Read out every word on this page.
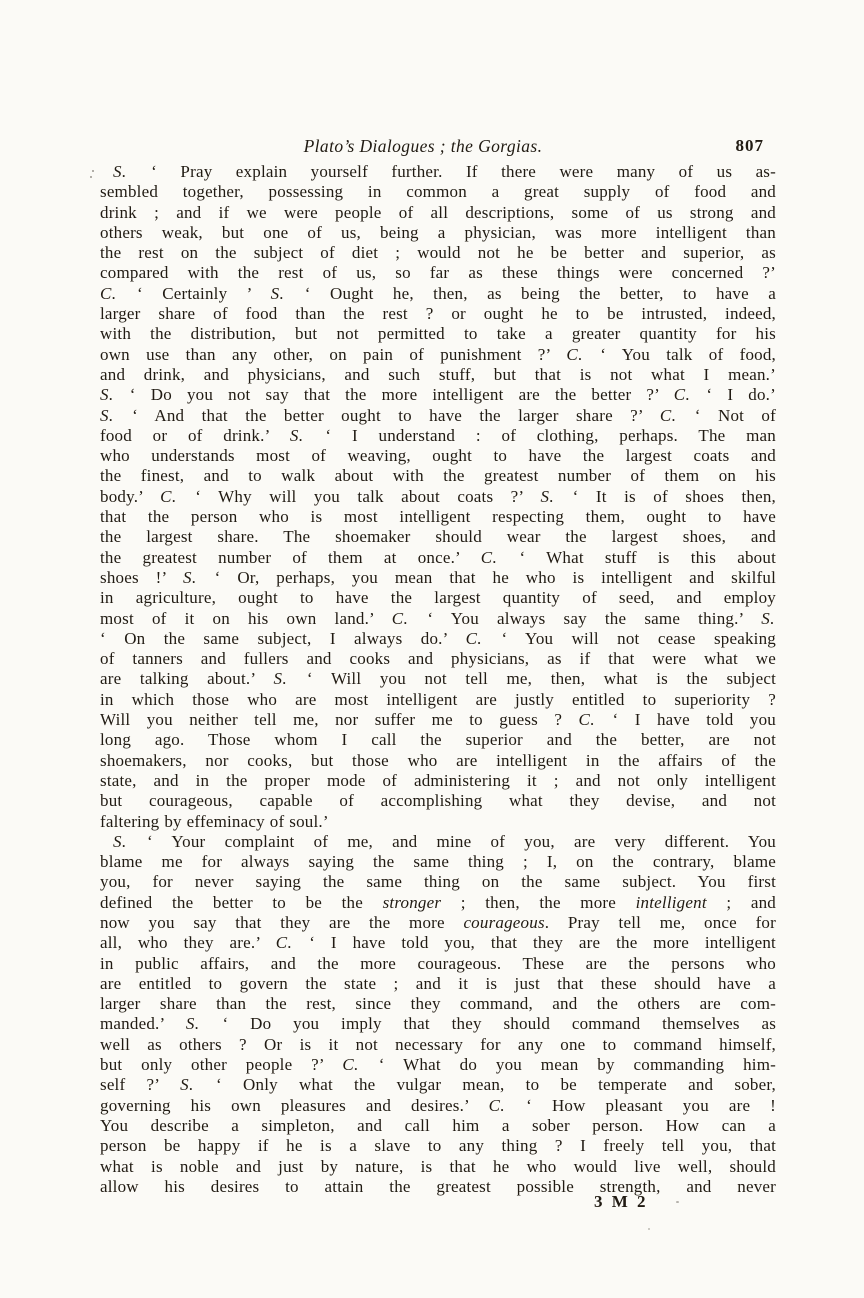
Plato’s Dialogues ; the Gorgias.	807
S. ‘ Pray explain yourself further. If there were many of us as-
sembled together, possessing in common a great supply of food and
drink ; and if we were people of all descriptions, some of us strong and
others weak, but one of us, being a physician, was more intelligent than
the rest on the subject of diet ; would not he be better and superior, as
compared with the rest of us, so far as these things were concerned ?’
C. ‘ Certainly ’ S. ‘ Ought he, then, as being the better, to have a
larger share of food than the rest ? or ought he to be intrusted, indeed,
with the distribution, but not permitted to take a greater quantity for his
own use than any other, on pain of punishment ?’ C. ‘ You talk of food,
and drink, and physicians, and such stuff, but that is not what I mean.’
S. ‘ Do you not say that the more intelligent are the better ?’ C. ‘ I do.’
S. ‘ And that the better ought to have the larger share ?’ C. ‘ Not of
food or of drink.’ S. ‘ I understand : of clothing, perhaps. The man
who understands most of weaving, ought to have the largest coats and
the finest, and to walk about with the greatest number of them on his
body.’ C. ‘ Why will you talk about coats ?’ S. ‘ It is of shoes then,
that the person who is most intelligent respecting them, ought to have
the largest share. The shoemaker should wear the largest shoes, and
the greatest number of them at once.’ C. ‘ What stuff is this about
shoes !’ S. ‘ Or, perhaps, you mean that he who is intelligent and skilful
in agriculture, ought to have the largest quantity of seed, and employ
most of it on his own land.’ C. ‘ You always say the same thing.’ S.
‘ On the same subject, I always do.’ C. ‘ You will not cease speaking
of tanners and fullers and cooks and physicians, as if that were what we
are talking about.’ S. ‘ Will you not tell me, then, what is the subject
in which those who are most intelligent are justly entitled to superiority ?
Will you neither tell me, nor suffer me to guess ? C. ‘ I have told you
long ago. Those whom I call the superior and the better, are not
shoemakers, nor cooks, but those who are intelligent in the affairs of the
state, and in the proper mode of administering it ; and not only intelligent
but courageous, capable of accomplishing what they devise, and not
faltering by effeminacy of soul.’
S. ‘ Your complaint of me, and mine of you, are very different. You
blame me for always saying the same thing ; I, on the contrary, blame
you, for never saying the same thing on the same subject. You first
defined the better to be the stronger ; then, the more intelligent ; and
now you say that they are the more courageous. Pray tell me, once for
all, who they are.’ C. ‘ I have told you, that they are the more intelligent
in public affairs, and the more courageous. These are the persons who
are entitled to govern the state ; and it is just that these should have a
larger share than the rest, since they command, and the others are com-
manded.’ S. ‘ Do you imply that they should command themselves as
well as others ? Or is it not necessary for any one to command himself,
but only other people ?’ C. ‘ What do you mean by commanding him-
self ?’ S. ‘ Only what the vulgar mean, to be temperate and sober,
governing his own pleasures and desires.’ C. ‘ How pleasant you are !
You describe a simpleton, and call him a sober person. How can a
person be happy if he is a slave to any thing ? I freely tell you, that
what is noble and just by nature, is that he who would live well, should
allow his desires to attain the greatest possible strength, and never
3 M 2
